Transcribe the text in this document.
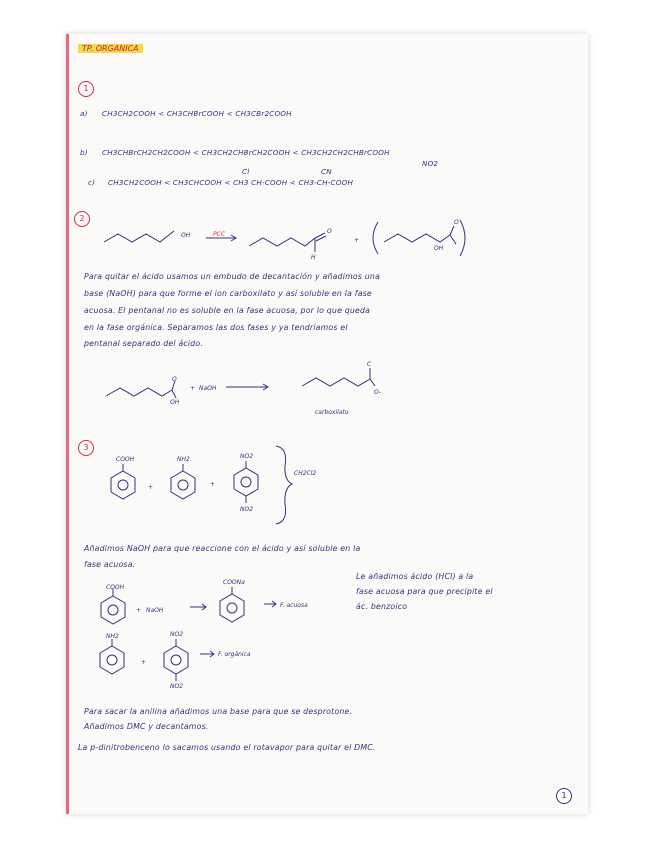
TP. ORGANICA
1
a) CH3CH2COOH < CH3CHBrCOOH < CH3CBr2COOH
b) CH3CHBrCH2CH2COOH < CH3CH2CHBrCH2COOH < CH3CH2CH2CHBrCOOH
Cl	CN
NO2
c) CH3CH2COOH < CH3CHCOOH < CH3 CH-COOH < CH3-CH-COOH
2
OH	PCC	O
H
+
O
OH
O
OH
+ NaOH
C
O-
carboxilato
Para quitar el ácido usamos un embudo de decantación y añadimos una
base (NaOH) para que forme el ion carboxilato y así soluble en la fase
acuosa. El pentanal no es soluble en la fase acuosa, por lo que queda
en la fase orgánica. Separamos las dos fases y ya tendríamos el
pentanal separado del ácido.
3
COOH	NH2	NO2
NO2
+	+
CH2Cl2
COOH
+ NaOH
COONa
F. acuosa
NH2	NO2
NO2
+
F. orgánica
Añadimos NaOH para que reaccione con el ácido y así soluble en la
fase acuosa.
Le añadimos ácido (HCl) a la
fase acuosa para que precipite el
ác. benzoico
Para sacar la anilina añadimos una base para que se desprotone.
Añadimos DMC y decantamos.
La p-dinitrobenceno lo sacamos usando el rotavapor para quitar el DMC.
1
